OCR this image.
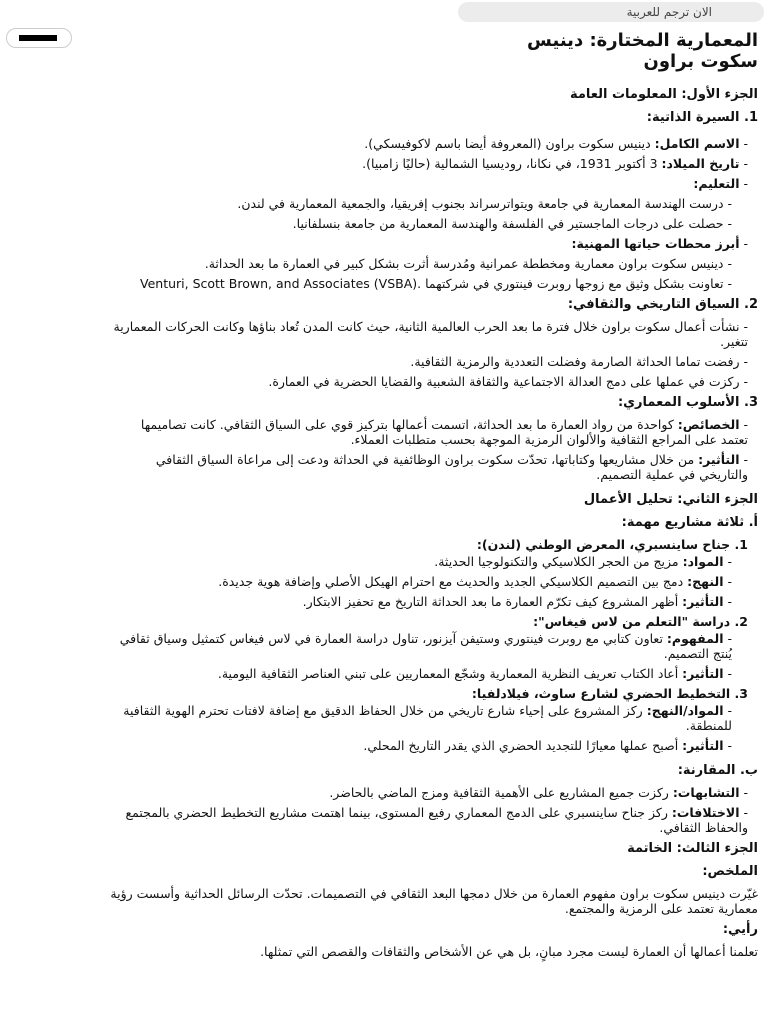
الان ترجم للعربية
المعمارية المختارة: دينيس سكوت براون
الجزء الأول: المعلومات العامة
1. السيرة الذاتية:

- الاسم الكامل: دينيس سكوت براون (المعروفة أيضا باسم لاكوفيسكي).

- تاريخ الميلاد: 3 أكتوبر 1931، في نكانا، روديسيا الشمالية (حاليًا زامبيا).

- التعليم:

- درست الهندسة المعمارية في جامعة ويتواترسراند بجنوب إفريقيا، والجمعية المعمارية في لندن.

- حصلت على درجات الماجستير في الفلسفة والهندسة المعمارية من جامعة بنسلفانيا.

- أبرز محطات حياتها المهنية:

- دينيس سكوت براون معمارية ومخططة عمرانية ومُدرسة أثرت بشكل كبير في العمارة ما بعد الحداثة.

- تعاونت بشكل وثيق مع زوجها روبرت فينتوري في شركتهما Venturi, Scott Brown, and Associates (VSBA).

2. السياق التاريخي والثقافي:

- نشأت أعمال سكوت براون خلال فترة ما بعد الحرب العالمية الثانية، حيث كانت المدن تُعاد بناؤها وكانت الحركات المعمارية تتغير.

- رفضت تماما الحداثة الصارمة وفضلت التعددية والرمزية الثقافية.

- ركزت في عملها على دمج العدالة الاجتماعية والثقافة الشعبية والقضايا الحضرية في العمارة.

3. الأسلوب المعماري:

- الخصائص: كواحدة من رواد العمارة ما بعد الحداثة، اتسمت أعمالها بتركيز قوي على السياق الثقافي. كانت تصاميمها تعتمد على المراجع الثقافية والألوان الرمزية الموجهة بحسب متطلبات العملاء.

- التأثير: من خلال مشاريعها وكتاباتها، تحدّت سكوت براون الوظائفية في الحداثة ودعت إلى مراعاة السياق الثقافي والتاريخي في عملية التصميم.

الجزء الثاني: تحليل الأعمال
أ. ثلاثة مشاريع مهمة:

1. جناح ساينسبري، المعرض الوطني (لندن):

- المواد: مزيج من الحجر الكلاسيكي والتكنولوجيا الحديثة.

- النهج: دمج بين التصميم الكلاسيكي الجديد والحديث مع احترام الهيكل الأصلي وإضافة هوية جديدة.

- التأثير: أظهر المشروع كيف تكرّم العمارة ما بعد الحداثة التاريخ مع تحفيز الابتكار.

2. دراسة "التعلم من لاس فيغاس":

- المفهوم: تعاون كتابي مع روبرت فينتوري وستيفن آيزنور، تناول دراسة العمارة في لاس فيغاس كتمثيل وسياق ثقافي يُنتج التصميم.

- التأثير: أعاد الكتاب تعريف النظرية المعمارية وشجّع المعماريين على تبني العناصر الثقافية اليومية.

3. التخطيط الحضري لشارع ساوث، فيلادلفيا:

- المواد/النهج: ركز المشروع على إحياء شارع تاريخي من خلال الحفاظ الدقيق مع إضافة لافتات تحترم الهوية الثقافية للمنطقة.

- التأثير: أصبح عملها معيارًا للتجديد الحضري الذي يقدر التاريخ المحلي.

ب. المقارنة:

- التشابهات: ركزت جميع المشاريع على الأهمية الثقافية ومزج الماضي بالحاضر.

- الاختلافات: ركز جناح ساينسبري على الدمج المعماري رفيع المستوى، بينما اهتمت مشاريع التخطيط الحضري بالمجتمع والحفاظ الثقافي.

الجزء الثالث: الخاتمة
الملخص:

غيّرت دينيس سكوت براون مفهوم العمارة من خلال دمجها البعد الثقافي في التصميمات. تحدّت الرسائل الحداثية وأسست رؤية معمارية تعتمد على الرمزية والمجتمع.

رأيي:

تعلمنا أعمالها أن العمارة ليست مجرد مبانٍ، بل هي عن الأشخاص والثقافات والقصص التي تمثلها.
